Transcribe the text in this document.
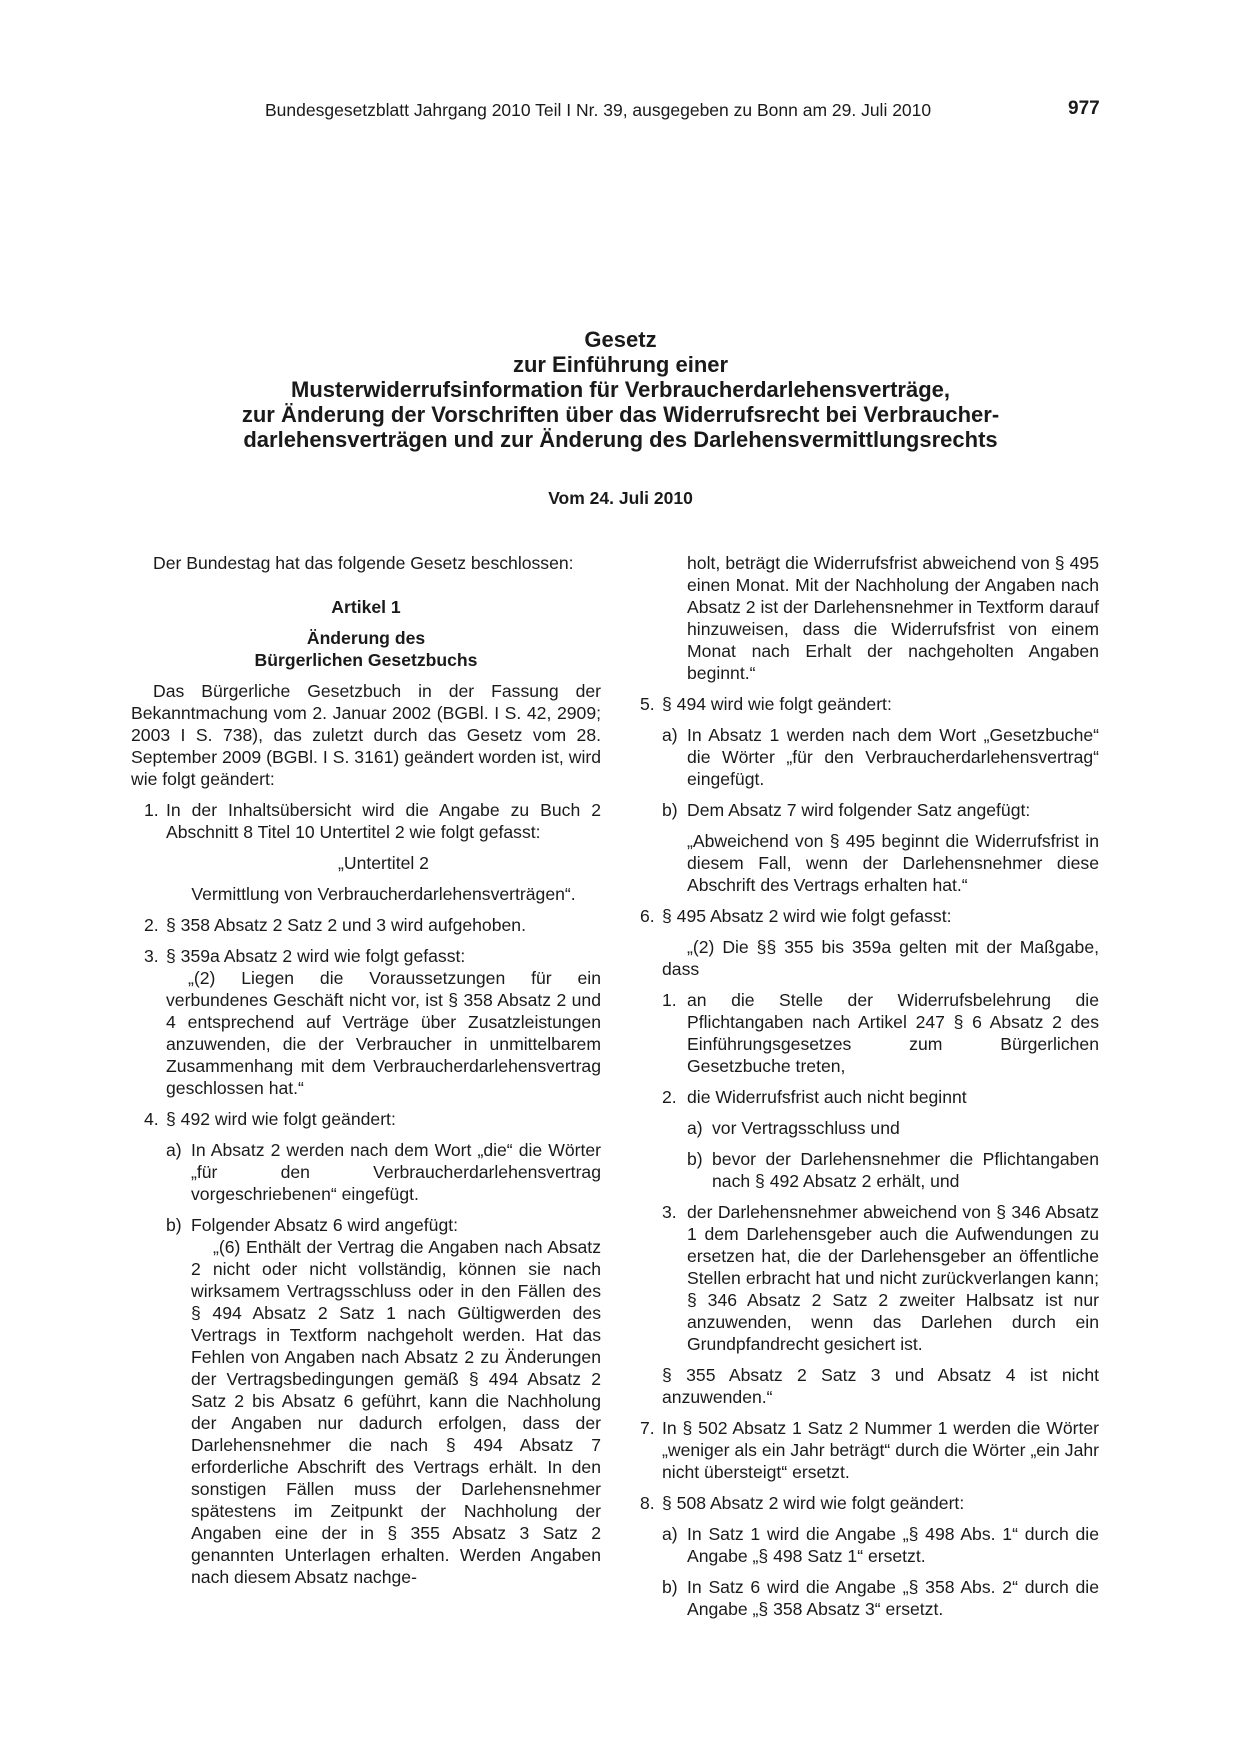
Bundesgesetzblatt Jahrgang 2010 Teil I Nr. 39, ausgegeben zu Bonn am 29. Juli 2010	977
Gesetz
zur Einführung einer
Musterwiderrufsinformation für Verbraucherdarlehensverträge,
zur Änderung der Vorschriften über das Widerrufsrecht bei Verbraucher-
darlehensverträgen und zur Änderung des Darlehensvermittlungsrechts
Vom 24. Juli 2010

Der Bundestag hat das folgende Gesetz beschlossen:

Artikel 1

Änderung des

Bürgerlichen Gesetzbuchs

Das Bürgerliche Gesetzbuch in der Fassung der Bekanntmachung vom 2. Januar 2002 (BGBl. I S. 42, 2909; 2003 I S. 738), das zuletzt durch das Gesetz vom 28. September 2009 (BGBl. I S. 3161) geändert worden ist, wird wie folgt geändert:

1. In der Inhaltsübersicht wird die Angabe zu Buch 2 Abschnitt 8 Titel 10 Untertitel 2 wie folgt gefasst:

„Untertitel 2

Vermittlung von Verbraucherdarlehensverträgen“.

2. § 358 Absatz 2 Satz 2 und 3 wird aufgehoben.
3. § 359a Absatz 2 wird wie folgt gefasst:

„(2) Liegen die Voraussetzungen für ein verbundenes Geschäft nicht vor, ist § 358 Absatz 2 und 4 entsprechend auf Verträge über Zusatzleistungen anzuwenden, die der Verbraucher in unmittelbarem Zusammenhang mit dem Verbraucherdarlehensvertrag geschlossen hat.“

4. § 492 wird wie folgt geändert:
a) In Absatz 2 werden nach dem Wort „die“ die Wörter „für den Verbraucherdarlehensvertrag vorgeschriebenen“ eingefügt.
b) Folgender Absatz 6 wird angefügt:

„(6) Enthält der Vertrag die Angaben nach Absatz 2 nicht oder nicht vollständig, können sie nach wirksamem Vertragsschluss oder in den Fällen des § 494 Absatz 2 Satz 1 nach Gültigwerden des Vertrags in Textform nachgeholt werden. Hat das Fehlen von Angaben nach Absatz 2 zu Änderungen der Vertragsbedingungen gemäß § 494 Absatz 2 Satz 2 bis Absatz 6 geführt, kann die Nachholung der Angaben nur dadurch erfolgen, dass der Darlehensnehmer die nach § 494 Absatz 7 erforderliche Abschrift des Vertrags erhält. In den sonstigen Fällen muss der Darlehensnehmer spätestens im Zeitpunkt der Nachholung der Angaben eine der in § 355 Absatz 3 Satz 2 genannten Unterlagen erhalten. Werden Angaben nach diesem Absatz nachge-

holt, beträgt die Widerrufsfrist abweichend von § 495 einen Monat. Mit der Nachholung der Angaben nach Absatz 2 ist der Darlehensnehmer in Textform darauf hinzuweisen, dass die Widerrufsfrist von einem Monat nach Erhalt der nachgeholten Angaben beginnt.“

5. § 494 wird wie folgt geändert:
a) In Absatz 1 werden nach dem Wort „Gesetzbuche“ die Wörter „für den Verbraucherdarlehensvertrag“ eingefügt.
b) Dem Absatz 7 wird folgender Satz angefügt:

„Abweichend von § 495 beginnt die Widerrufsfrist in diesem Fall, wenn der Darlehensnehmer diese Abschrift des Vertrags erhalten hat.“

6. § 495 Absatz 2 wird wie folgt gefasst:

„(2) Die §§ 355 bis 359a gelten mit der Maßgabe, dass

1. an die Stelle der Widerrufsbelehrung die Pflichtangaben nach Artikel 247 § 6 Absatz 2 des Einführungsgesetzes zum Bürgerlichen Gesetzbuche treten,
2. die Widerrufsfrist auch nicht beginnt
a) vor Vertragsschluss und
b) bevor der Darlehensnehmer die Pflichtangaben nach § 492 Absatz 2 erhält, und
3. der Darlehensnehmer abweichend von § 346 Absatz 1 dem Darlehensgeber auch die Aufwendungen zu ersetzen hat, die der Darlehensgeber an öffentliche Stellen erbracht hat und nicht zurückverlangen kann; § 346 Absatz 2 Satz 2 zweiter Halbsatz ist nur anzuwenden, wenn das Darlehen durch ein Grundpfandrecht gesichert ist.

§ 355 Absatz 2 Satz 3 und Absatz 4 ist nicht anzuwenden.“

7. In § 502 Absatz 1 Satz 2 Nummer 1 werden die Wörter „weniger als ein Jahr beträgt“ durch die Wörter „ein Jahr nicht übersteigt“ ersetzt.
8. § 508 Absatz 2 wird wie folgt geändert:
a) In Satz 1 wird die Angabe „§ 498 Abs. 1“ durch die Angabe „§ 498 Satz 1“ ersetzt.
b) In Satz 6 wird die Angabe „§ 358 Abs. 2“ durch die Angabe „§ 358 Absatz 3“ ersetzt.
